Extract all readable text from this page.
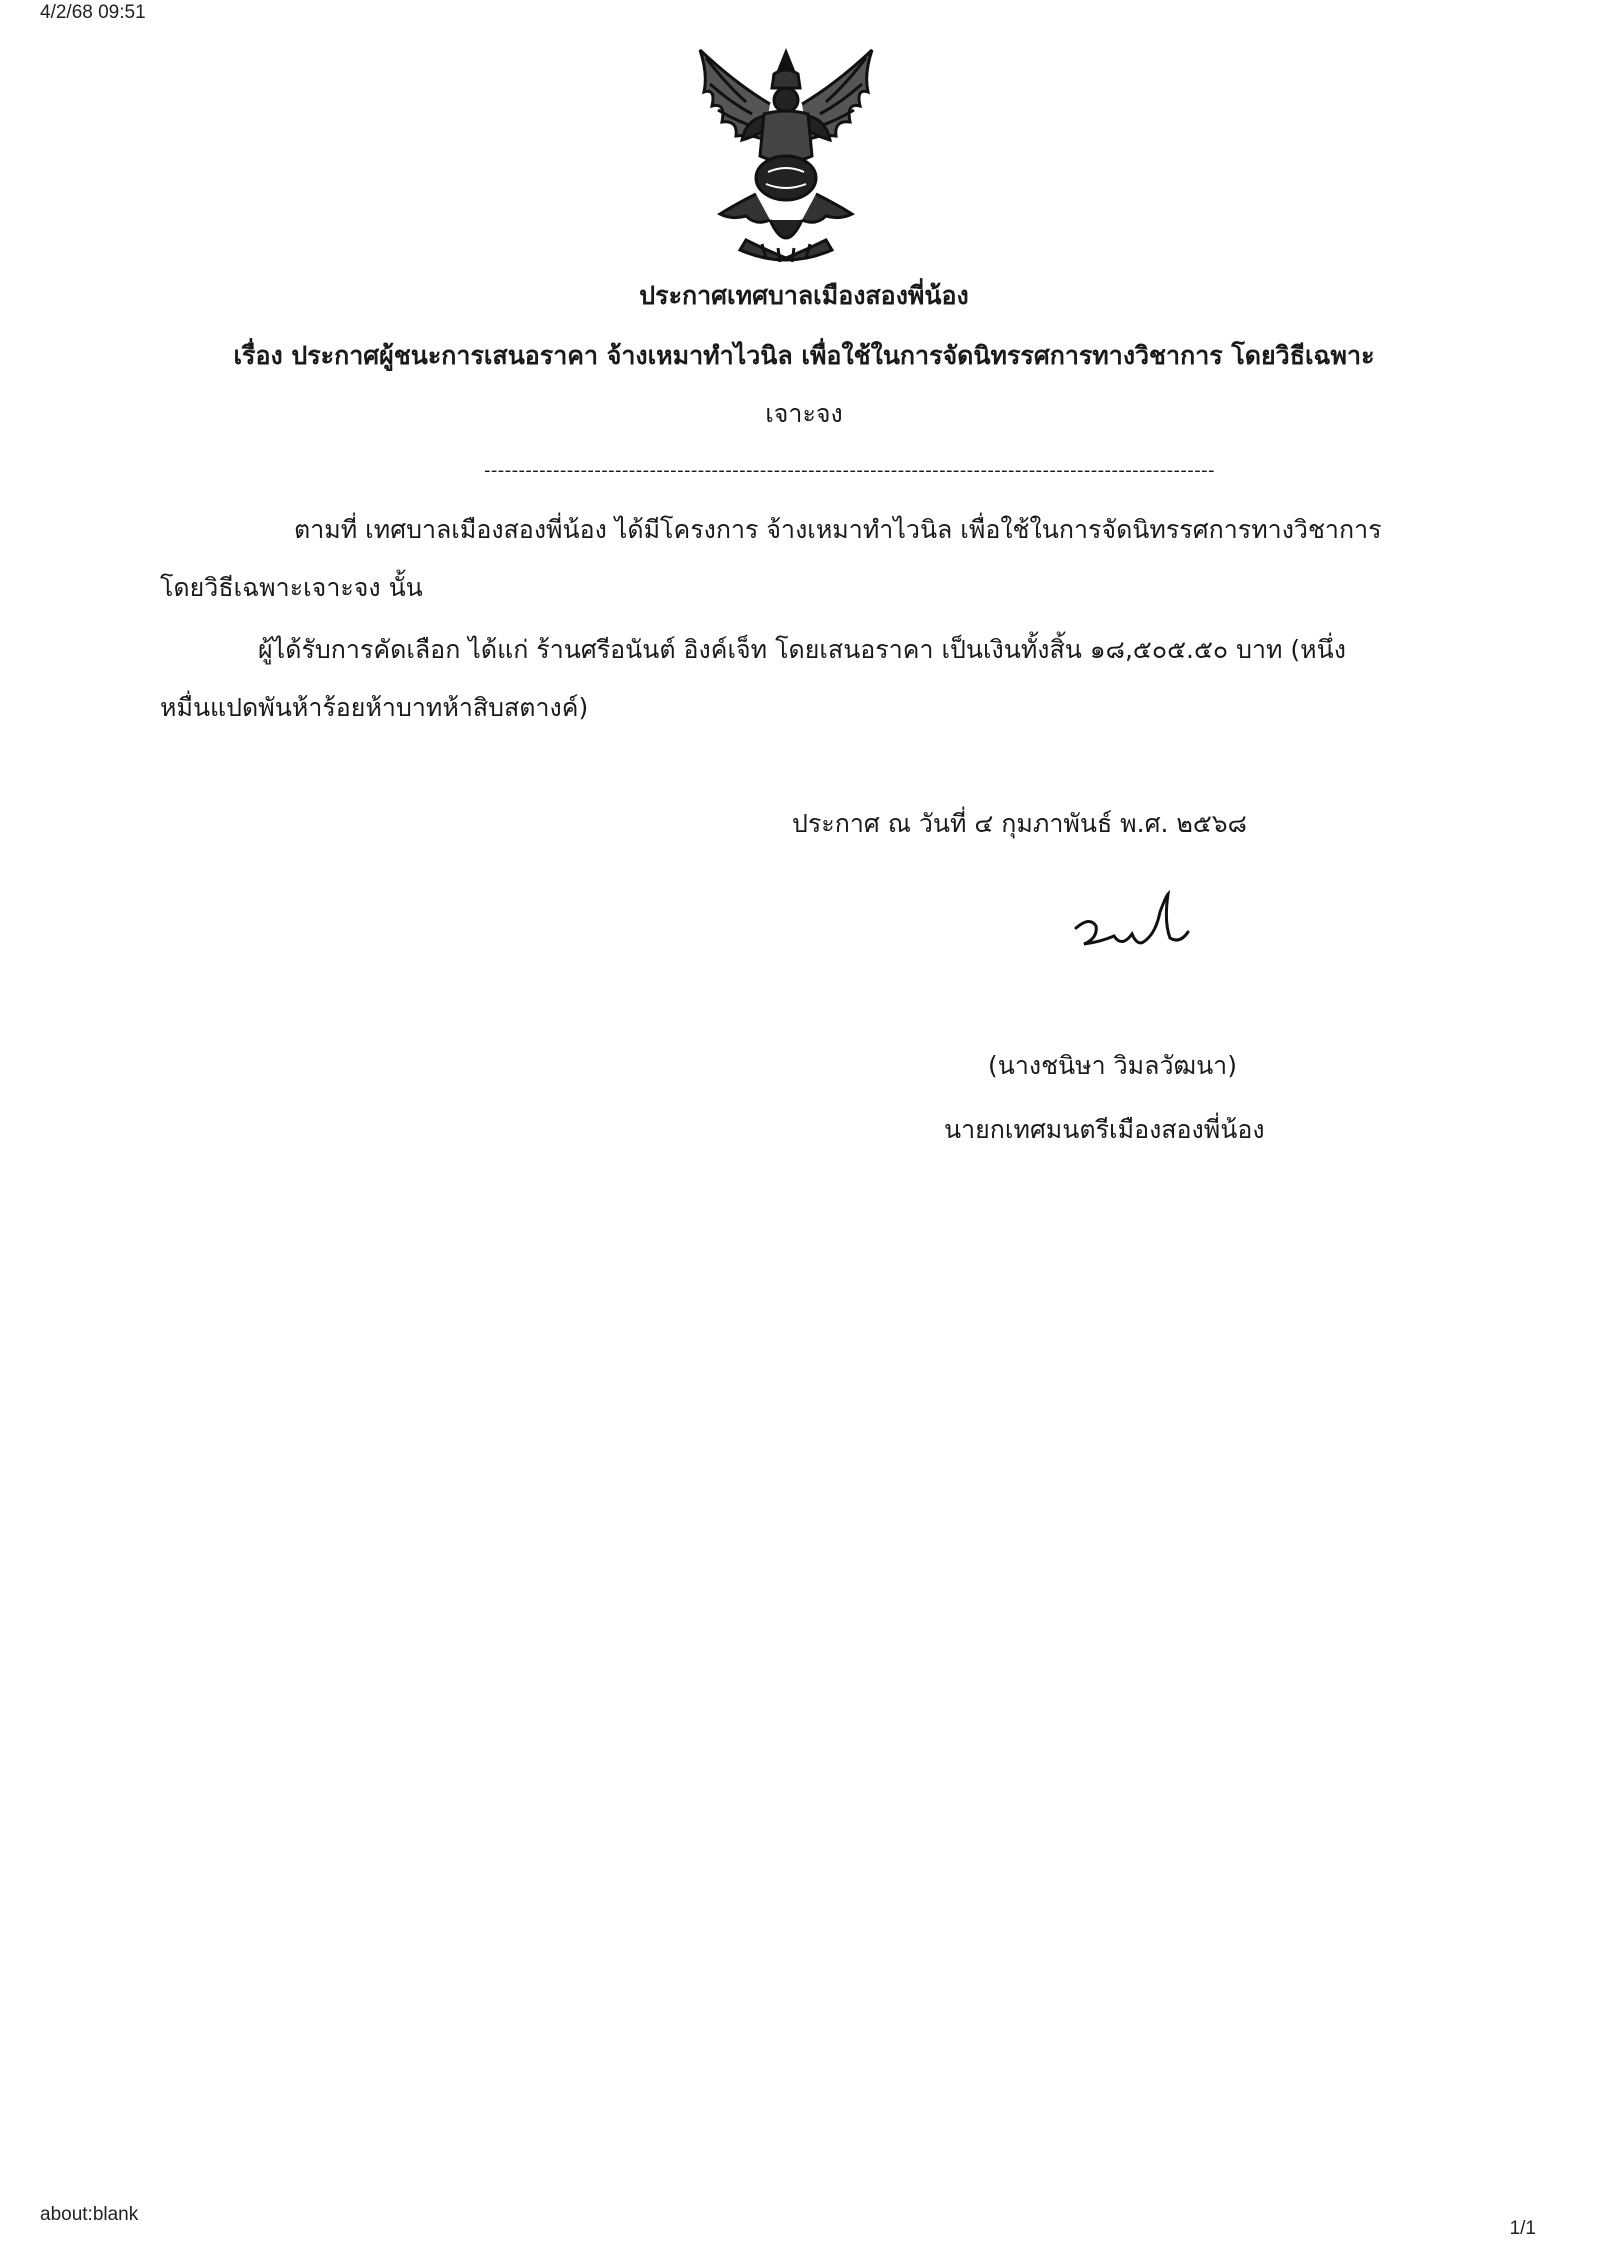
4/2/68 09:51
ประกาศเทศบาลเมืองสองพี่น้อง
เรื่อง ประกาศผู้ชนะการเสนอราคา จ้างเหมาทำไวนิล เพื่อใช้ในการจัดนิทรรศการทางวิชาการ โดยวิธีเฉพาะ
เจาะจง
----------------------------------------------------------------------------------------------------------
ตามที่ เทศบาลเมืองสองพี่น้อง ได้มีโครงการ จ้างเหมาทำไวนิล เพื่อใช้ในการจัดนิทรรศการทางวิชาการ
โดยวิธีเฉพาะเจาะจง นั้น
ผู้ได้รับการคัดเลือก ได้แก่ ร้านศรีอนันต์ อิงค์เจ็ท โดยเสนอราคา เป็นเงินทั้งสิ้น ๑๘,๕๐๕.๕๐ บาท (หนึ่ง
หมื่นแปดพันห้าร้อยห้าบาทห้าสิบสตางค์)
ประกาศ ณ วันที่ ๔ กุมภาพันธ์ พ.ศ. ๒๕๖๘
(นางชนิษา วิมลวัฒนา)
นายกเทศมนตรีเมืองสองพี่น้อง
about:blank
1/1
